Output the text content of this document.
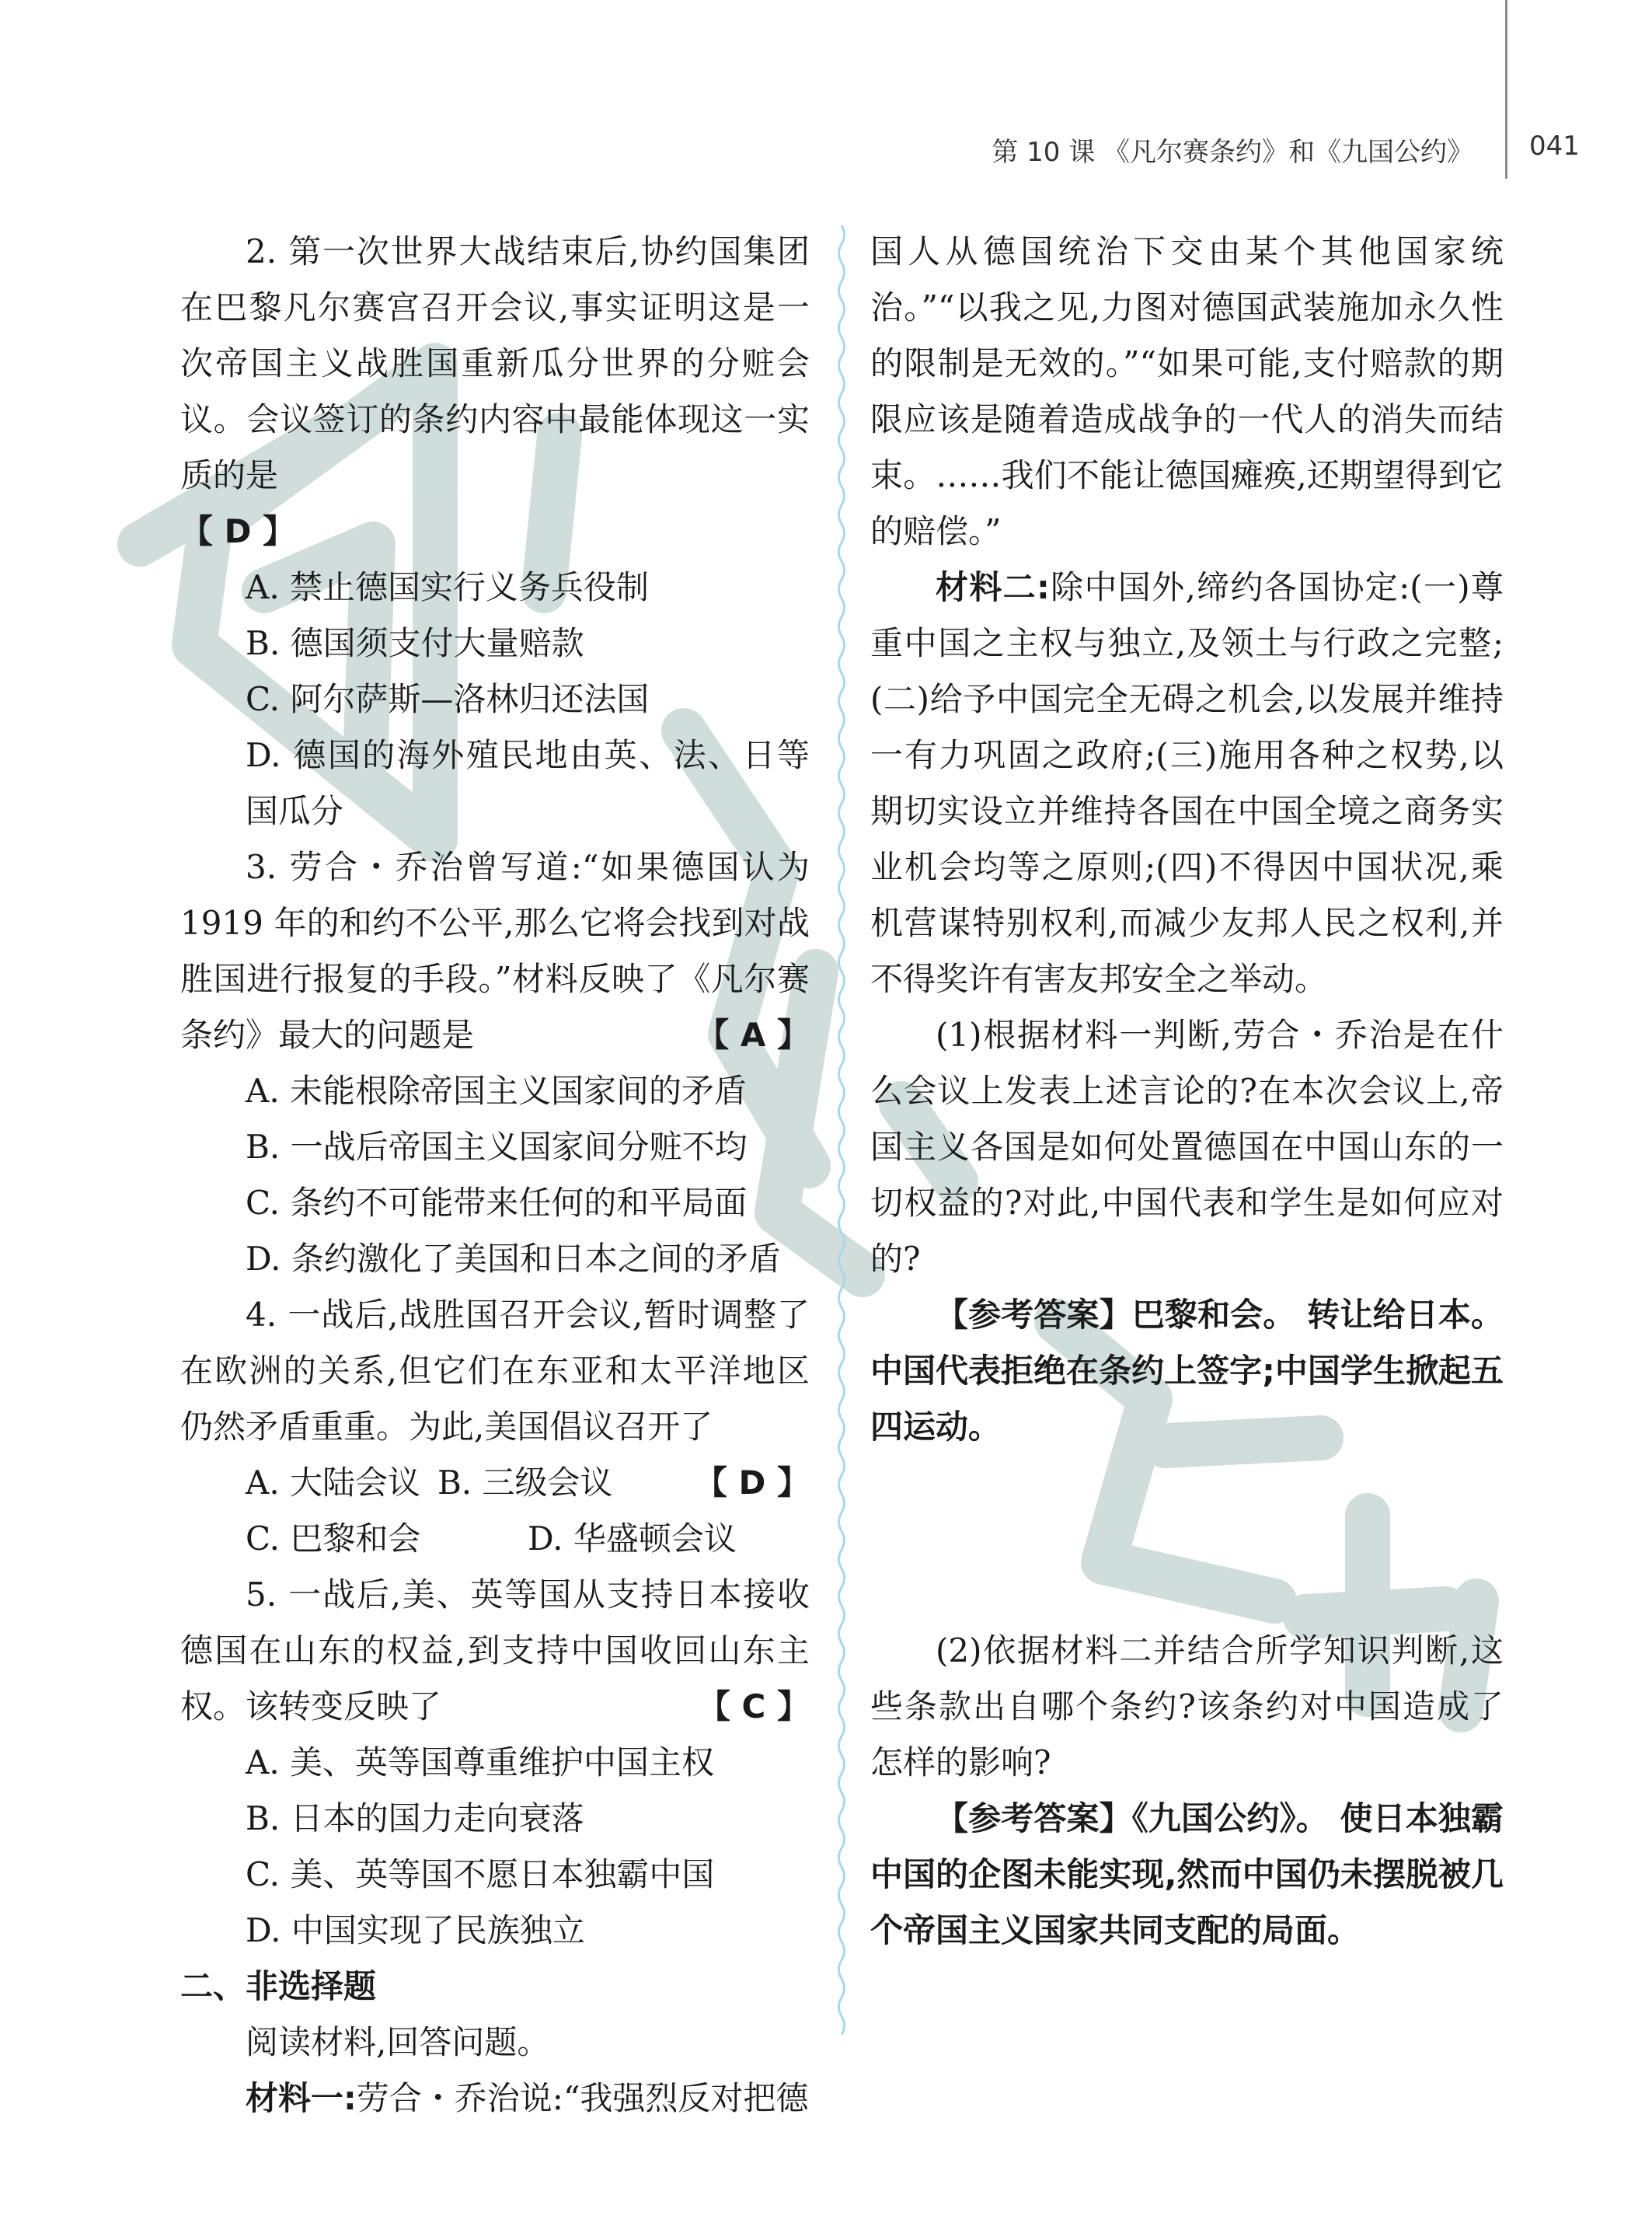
第 10 课 《凡尔赛条约》和《九国公约》 041

2. 第一次世界大战结束后,协约国集团在巴黎凡尔赛宫召开会议,事实证明这是一次帝国主义战胜国重新瓜分世界的分赃会议。会议签订的条约内容中最能体现这一实质的是

【 D 】

A. 禁止德国实行义务兵役制

B. 德国须支付大量赔款

C. 阿尔萨斯—洛林归还法国

D. 德国的海外殖民地由英、法、日等国瓜分

3. 劳合・乔治曾写道:“如果德国认为 1919 年的和约不公平,那么它将会找到对战胜国进行报复的手段。”材料反映了《凡尔赛条约》最大的问题是	【 A 】

A. 未能根除帝国主义国家间的矛盾

B. 一战后帝国主义国家间分赃不均

C. 条约不可能带来任何的和平局面

D. 条约激化了美国和日本之间的矛盾

4. 一战后,战胜国召开会议,暂时调整了在欧洲的关系,但它们在东亚和太平洋地区仍然矛盾重重。为此,美国倡议召开了
【 D 】

A. 大陆会议 B. 三级会议
C. 巴黎和会	D. 华盛顿会议

5. 一战后,美、英等国从支持日本接收德国在山东的权益,到支持中国收回山东主权。该转变反映了	【 C 】

A. 美、英等国尊重维护中国主权

B. 日本的国力走向衰落

C. 美、英等国不愿日本独霸中国

D. 中国实现了民族独立

二、非选择题

阅读材料,回答问题。

材料一:劳合・乔治说:“我强烈反对把德

国人从德国统治下交由某个其他国家统治。”“以我之见,力图对德国武装施加永久性的限制是无效的。”“如果可能,支付赔款的期限应该是随着造成战争的一代人的消失而结束。……我们不能让德国瘫痪,还期望得到它的赔偿。”

材料二:除中国外,缔约各国协定:(一)尊重中国之主权与独立,及领土与行政之完整;(二)给予中国完全无碍之机会,以发展并维持一有力巩固之政府;(三)施用各种之权势,以期切实设立并维持各国在中国全境之商务实业机会均等之原则;(四)不得因中国状况,乘机营谋特别权利,而减少友邦人民之权利,并不得奖许有害友邦安全之举动。

(1)根据材料一判断,劳合・乔治是在什么会议上发表上述言论的?在本次会议上,帝国主义各国是如何处置德国在中国山东的一切权益的?对此,中国代表和学生是如何应对的?

【参考答案】巴黎和会。 转让给日本。 中国代表拒绝在条约上签字;中国学生掀起五四运动。

(2)依据材料二并结合所学知识判断,这些条款出自哪个条约?该条约对中国造成了怎样的影响?

【参考答案】《九国公约》。 使日本独霸中国的企图未能实现,然而中国仍未摆脱被几个帝国主义国家共同支配的局面。
